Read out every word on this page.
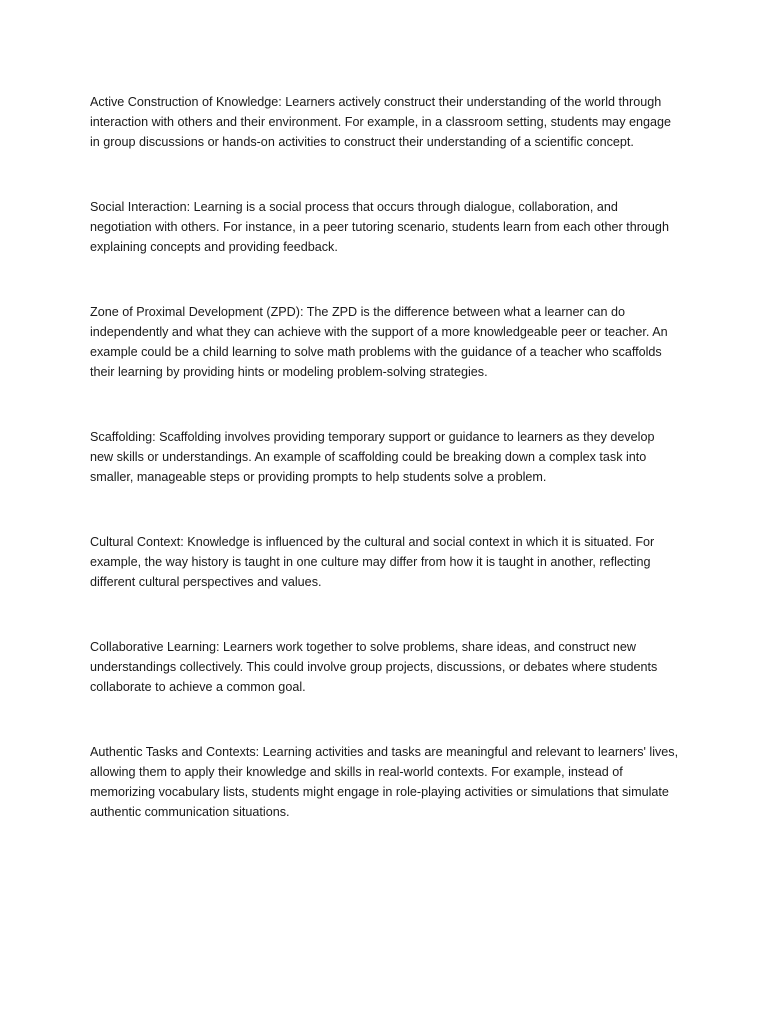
Active Construction of Knowledge: Learners actively construct their understanding of the world through interaction with others and their environment. For example, in a classroom setting, students may engage in group discussions or hands-on activities to construct their understanding of a scientific concept.

Social Interaction: Learning is a social process that occurs through dialogue, collaboration, and negotiation with others. For instance, in a peer tutoring scenario, students learn from each other through explaining concepts and providing feedback.

Zone of Proximal Development (ZPD): The ZPD is the difference between what a learner can do independently and what they can achieve with the support of a more knowledgeable peer or teacher. An example could be a child learning to solve math problems with the guidance of a teacher who scaffolds their learning by providing hints or modeling problem-solving strategies.

Scaffolding: Scaffolding involves providing temporary support or guidance to learners as they develop new skills or understandings. An example of scaffolding could be breaking down a complex task into smaller, manageable steps or providing prompts to help students solve a problem.

Cultural Context: Knowledge is influenced by the cultural and social context in which it is situated. For example, the way history is taught in one culture may differ from how it is taught in another, reflecting different cultural perspectives and values.

Collaborative Learning: Learners work together to solve problems, share ideas, and construct new understandings collectively. This could involve group projects, discussions, or debates where students collaborate to achieve a common goal.

Authentic Tasks and Contexts: Learning activities and tasks are meaningful and relevant to learners' lives, allowing them to apply their knowledge and skills in real-world contexts. For example, instead of memorizing vocabulary lists, students might engage in role-playing activities or simulations that simulate authentic communication situations.
